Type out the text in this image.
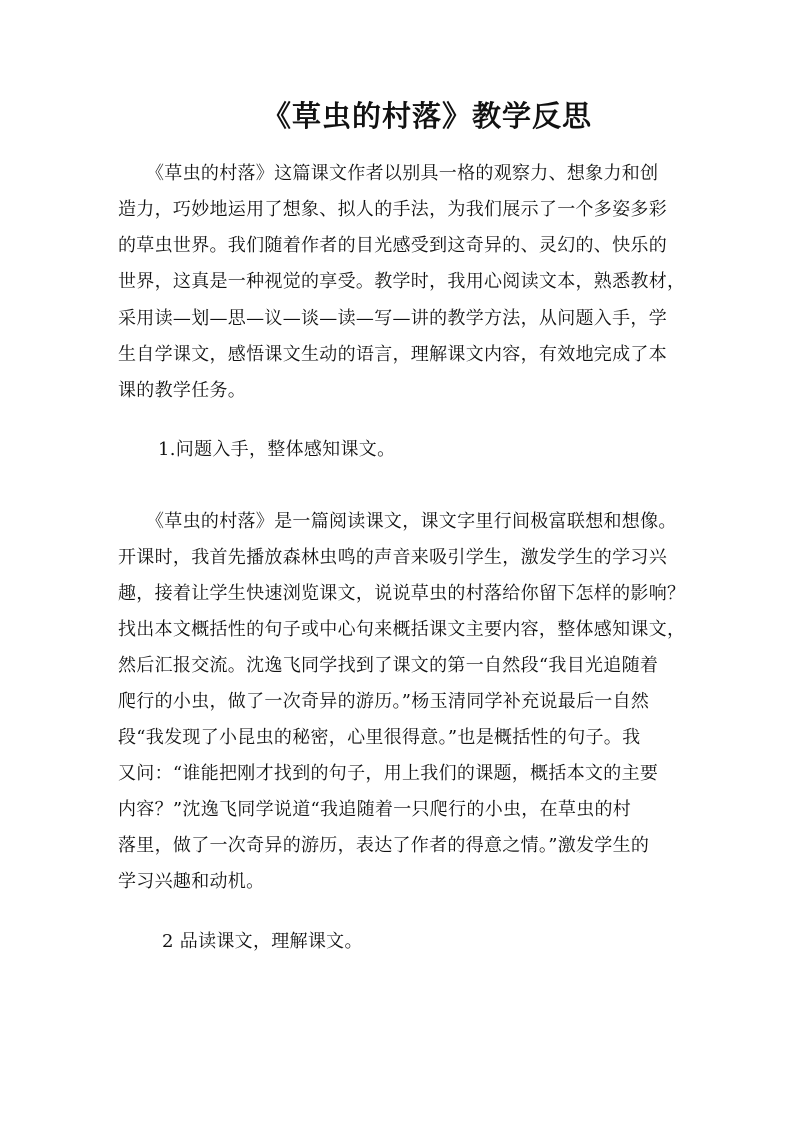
《草虫的村落》教学反思
《草虫的村落》这篇课文作者以别具一格的观察力、想象力和创
造力，巧妙地运用了想象、拟人的手法，为我们展示了一个多姿多彩
的草虫世界。我们随着作者的目光感受到这奇异的、灵幻的、快乐的
世界，这真是一种视觉的享受。教学时，我用心阅读文本，熟悉教材，
采用读—划—思—议—谈—读—写—讲的教学方法，从问题入手，学
生自学课文，感悟课文生动的语言，理解课文内容，有效地完成了本
课的教学任务。
1.问题入手，整体感知课文。
《草虫的村落》是一篇阅读课文，课文字里行间极富联想和想像。
开课时，我首先播放森林虫鸣的声音来吸引学生，激发学生的学习兴
趣，接着让学生快速浏览课文，说说草虫的村落给你留下怎样的影响？
找出本文概括性的句子或中心句来概括课文主要内容，整体感知课文，
然后汇报交流。沈逸飞同学找到了课文的第一自然段“我目光追随着
爬行的小虫，做了一次奇异的游历。”杨玉清同学补充说最后一自然
段“我发现了小昆虫的秘密，心里很得意。”也是概括性的句子。我
又问：“谁能把刚才找到的句子，用上我们的课题，概括本文的主要
内容？”沈逸飞同学说道“我追随着一只爬行的小虫，在草虫的村
落里，做了一次奇异的游历，表达了作者的得意之情。”激发学生的
学习兴趣和动机。
2 品读课文，理解课文。
